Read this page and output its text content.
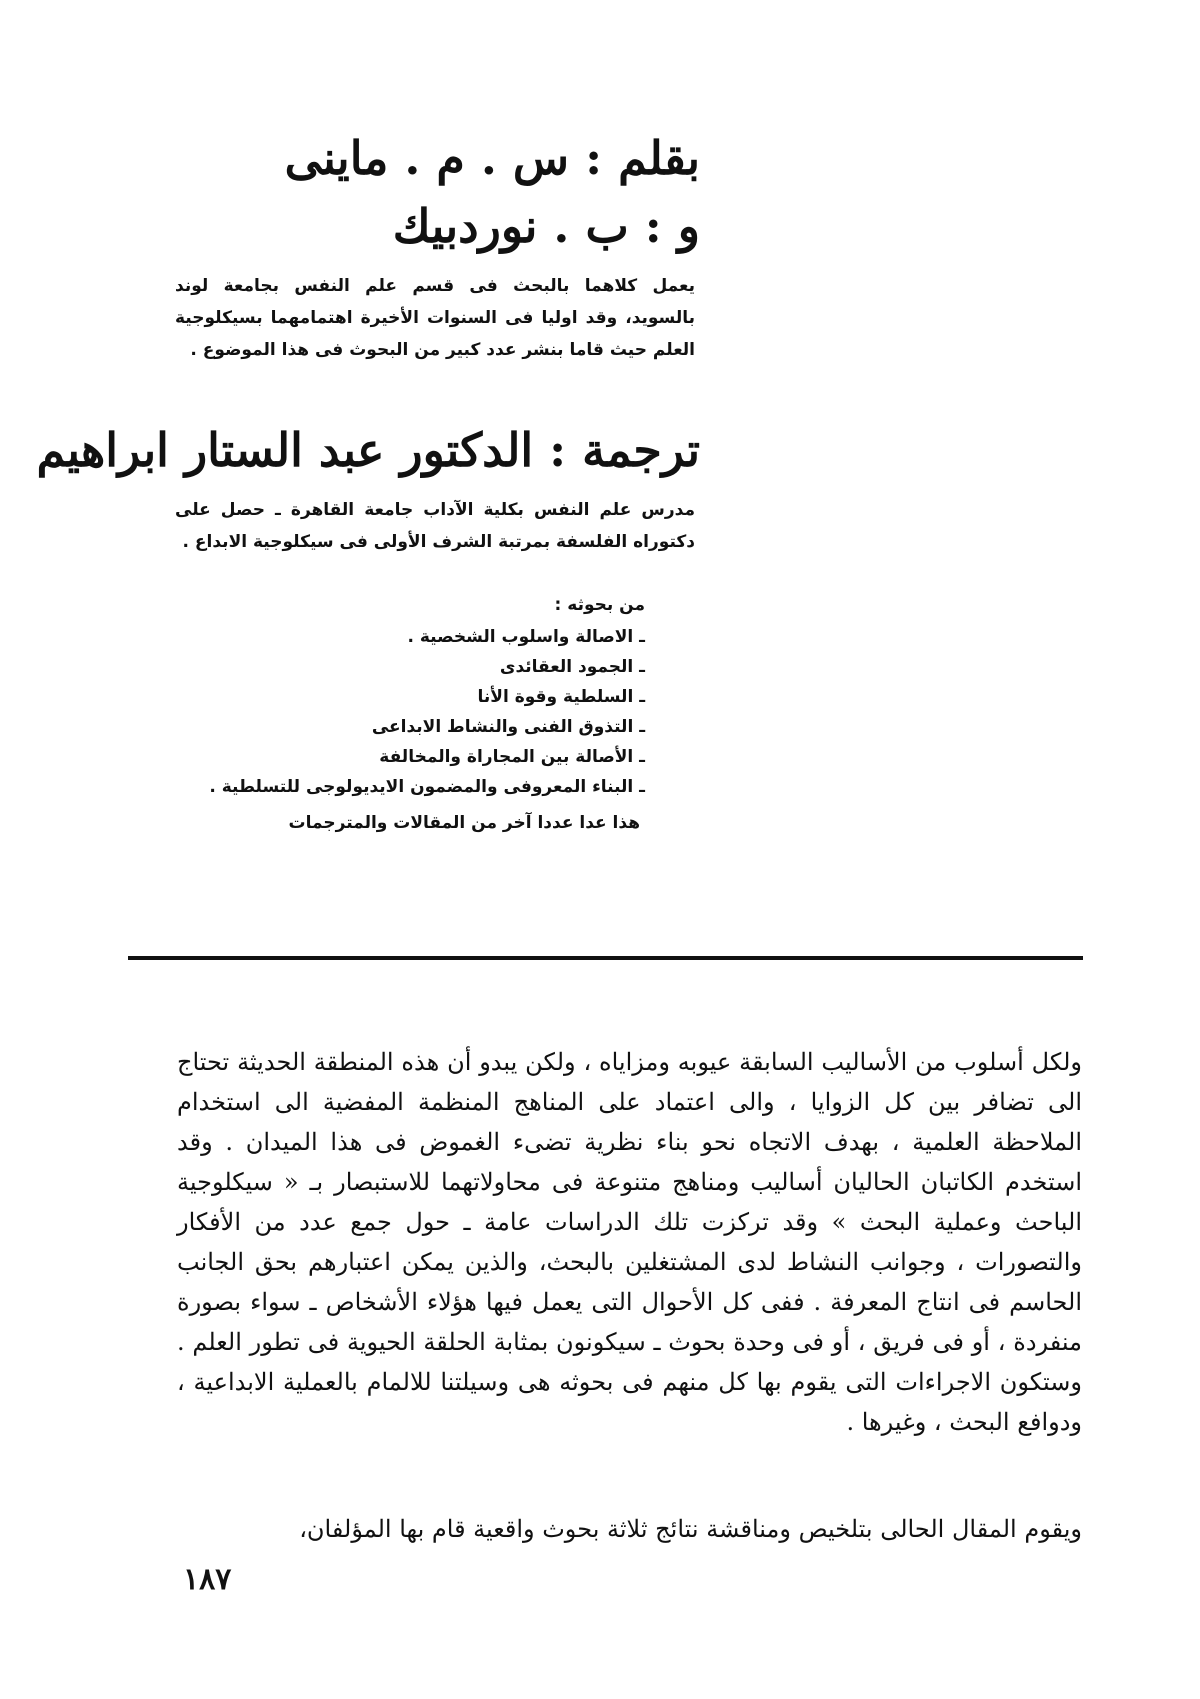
بقلم : س . م . ماينى
و : ب . نوردبيك
يعمل كلاهما بالبحث فى قسم علم النفس بجامعة لوند بالسويد، وقد اوليا فى السنوات الأخيرة اهتمامهما بسيكلوجية العلم حيث قاما بنشر عدد كبير من البحوث فى هذا الموضوع .
ترجمة : الدكتور عبد الستار ابراهيم
مدرس علم النفس بكلية الآداب جامعة القاهرة ـ حصل على دكتوراه الفلسفة بمرتبة الشرف الأولى فى سيكلوجية الابداع .
من بحوثه :
ـ الاصالة واسلوب الشخصية .
ـ الجمود العقائدى
ـ السلطية وقوة الأنا
ـ التذوق الفنى والنشاط الابداعى
ـ الأصالة بين المجاراة والمخالفة
ـ البناء المعروفى والمضمون الايديولوجى للتسلطية .
هذا عدا عددا آخر من المقالات والمترجمات

ولكل أسلوب من الأساليب السابقة عيوبه ومزاياه ، ولكن يبدو أن هذه المنطقة الحديثة تحتاج الى تضافر بين كل الزوايا ، والى اعتماد على المناهج المنظمة المفضية الى استخدام الملاحظة العلمية ، بهدف الاتجاه نحو بناء نظرية تضىء الغموض فى هذا الميدان . وقد استخدم الكاتبان الحاليان أساليب ومناهج متنوعة فى محاولاتهما للاستبصار بـ « سيكلوجية الباحث وعملية البحث » وقد تركزت تلك الدراسات عامة ـ حول جمع عدد من الأفكار والتصورات ، وجوانب النشاط لدى المشتغلين بالبحث، والذين يمكن اعتبارهم بحق الجانب الحاسم فى انتاج المعرفة . ففى كل الأحوال التى يعمل فيها هؤلاء الأشخاص ـ سواء بصورة منفردة ، أو فى فريق ، أو فى وحدة بحوث ـ سيكونون بمثابة الحلقة الحيوية فى تطور العلم . وستكون الاجراءات التى يقوم بها كل منهم فى بحوثه هى وسيلتنا للالمام بالعملية الابداعية ، ودوافع البحث ، وغيرها .

ويقوم المقال الحالى بتلخيص ومناقشة نتائج ثلاثة بحوث واقعية قام بها المؤلفان،

١٨٧
